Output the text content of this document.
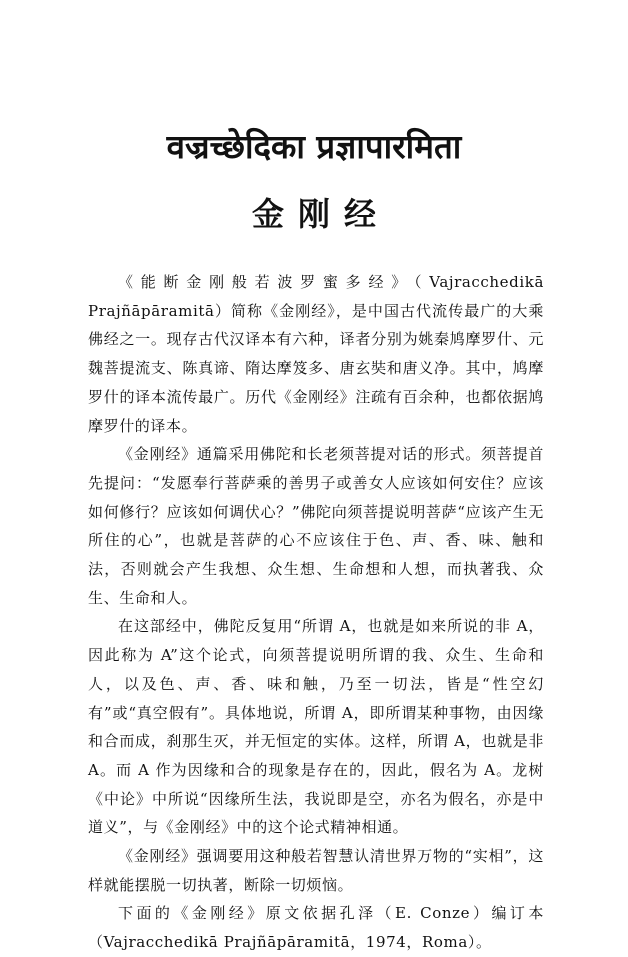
वज्रच्छेदिका प्रज्ञापारमिता
金刚经

《能断金刚般若波罗蜜多经》（Vajracchedikā Prajñāpāramitā）简称《金刚经》，是中国古代流传最广的大乘佛经之一。现存古代汉译本有六种，译者分别为姚秦鸠摩罗什、元魏菩提流支、陈真谛、隋达摩笈多、唐玄奘和唐义净。其中，鸠摩罗什的译本流传最广。历代《金刚经》注疏有百余种，也都依据鸠摩罗什的译本。

《金刚经》通篇采用佛陀和长老须菩提对话的形式。须菩提首先提问：“发愿奉行菩萨乘的善男子或善女人应该如何安住？应该如何修行？应该如何调伏心？”佛陀向须菩提说明菩萨“应该产生无所住的心”，也就是菩萨的心不应该住于色、声、香、味、触和法，否则就会产生我想、众生想、生命想和人想，而执著我、众生、生命和人。

在这部经中，佛陀反复用“所谓 A，也就是如来所说的非 A，因此称为 A”这个论式，向须菩提说明所谓的我、众生、生命和人，以及色、声、香、味和触，乃至一切法，皆是“性空幻有”或“真空假有”。具体地说，所谓 A，即所谓某种事物，由因缘和合而成，刹那生灭，并无恒定的实体。这样，所谓 A，也就是非 A。而 A 作为因缘和合的现象是存在的，因此，假名为 A。龙树《中论》中所说“因缘所生法，我说即是空，亦名为假名，亦是中道义”，与《金刚经》中的这个论式精神相通。

《金刚经》强调要用这种般若智慧认清世界万物的“实相”，这样就能摆脱一切执著，断除一切烦恼。

下面的《金刚经》原文依据孔泽（E. Conze）编订本（Vajracchedikā Prajñāpāramitā，1974，Roma）。
